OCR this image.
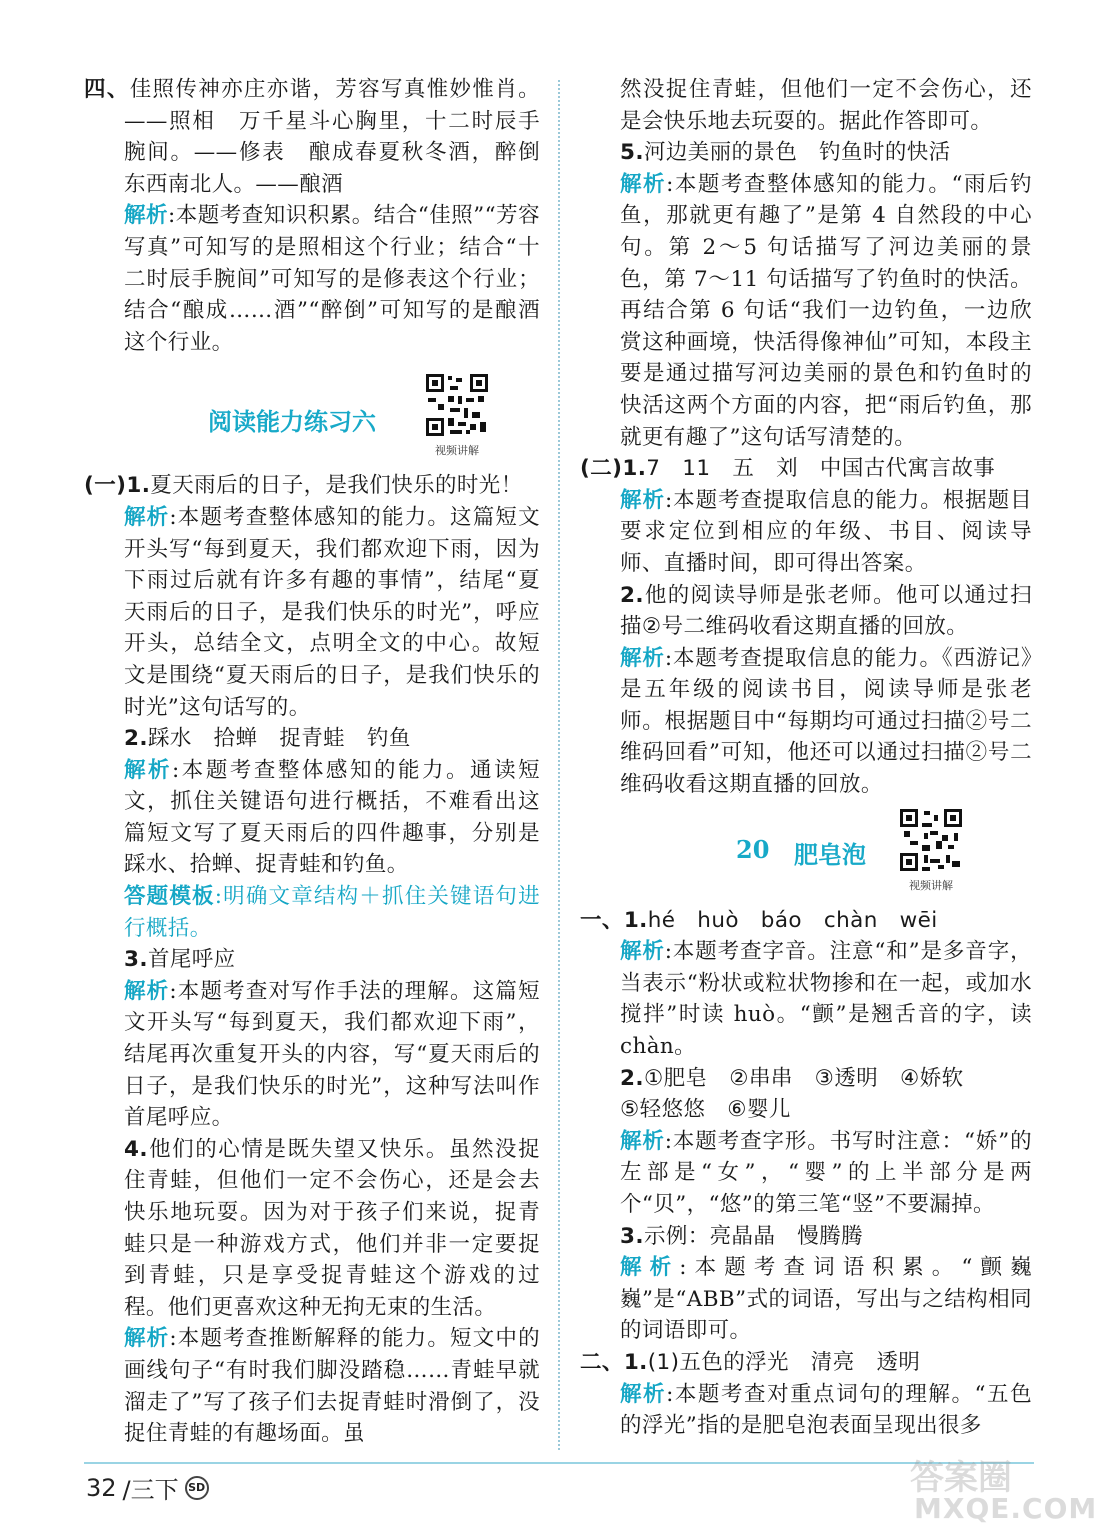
四、佳照传神亦庄亦谐，芳容写真惟妙惟肖。——照相　万千星斗心胸里，十二时辰手腕间。——修表　酿成春夏秋冬酒，醉倒东西南北人。——酿酒

解析:本题考查知识积累。结合“佳照”“芳容写真”可知写的是照相这个行业；结合“十二时辰手腕间”可知写的是修表这个行业；结合“酿成……酒”“醉倒”可知写的是酿酒这个行业。

阅读能力练习六
视频讲解

(一)1.夏天雨后的日子，是我们快乐的时光！

解析:本题考查整体感知的能力。这篇短文开头写“每到夏天，我们都欢迎下雨，因为下雨过后就有许多有趣的事情”，结尾“夏天雨后的日子，是我们快乐的时光”，呼应开头，总结全文，点明全文的中心。故短文是围绕“夏天雨后的日子，是我们快乐的时光”这句话写的。

2.踩水　拾蝉　捉青蛙　钓鱼

解析:本题考查整体感知的能力。通读短文，抓住关键语句进行概括，不难看出这篇短文写了夏天雨后的四件趣事，分别是踩水、拾蝉、捉青蛙和钓鱼。

答题模板:明确文章结构＋抓住关键语句进行概括。

3.首尾呼应

解析:本题考查对写作手法的理解。这篇短文开头写“每到夏天，我们都欢迎下雨”，结尾再次重复开头的内容，写“夏天雨后的日子，是我们快乐的时光”，这种写法叫作首尾呼应。

4.他们的心情是既失望又快乐。虽然没捉住青蛙，但他们一定不会伤心，还是会去快乐地玩耍。因为对于孩子们来说，捉青蛙只是一种游戏方式，他们并非一定要捉到青蛙，只是享受捉青蛙这个游戏的过程。他们更喜欢这种无拘无束的生活。

解析:本题考查推断解释的能力。短文中的画线句子“有时我们脚没踏稳……青蛙早就溜走了”写了孩子们去捉青蛙时滑倒了，没捉住青蛙的有趣场面。虽

然没捉住青蛙，但他们一定不会伤心，还是会快乐地去玩耍的。据此作答即可。

5.河边美丽的景色　钓鱼时的快活

解析:本题考查整体感知的能力。“雨后钓鱼，那就更有趣了”是第 4 自然段的中心句。第 2～5 句话描写了河边美丽的景色，第 7～11 句话描写了钓鱼时的快活。再结合第 6 句话“我们一边钓鱼，一边欣赏这种画境，快活得像神仙”可知，本段主要是通过描写河边美丽的景色和钓鱼时的快活这两个方面的内容，把“雨后钓鱼，那就更有趣了”这句话写清楚的。

(二)1.7　11　五　刘　中国古代寓言故事

解析:本题考查提取信息的能力。根据题目要求定位到相应的年级、书目、阅读导师、直播时间，即可得出答案。

2.他的阅读导师是张老师。他可以通过扫描②号二维码收看这期直播的回放。

解析:本题考查提取信息的能力。《西游记》是五年级的阅读书目，阅读导师是张老师。根据题目中“每期均可通过扫描②号二维码回看”可知，他还可以通过扫描②号二维码收看这期直播的回放。

20 肥皂泡
视频讲解

一、1.hé　huò　báo　chàn　wēi

解析:本题考查字音。注意“和”是多音字，当表示“粉状或粒状物掺和在一起，或加水搅拌”时读 huò。“颤”是翘舌音的字，读 chàn。

2.①肥皂　②串串　③透明　④娇软

⑤轻悠悠　⑥婴儿

解析:本题考查字形。书写时注意：“娇”的左部是“女”，“婴”的上半部分是两个“贝”，“悠”的第三笔“竖”不要漏掉。

3.示例：亮晶晶　慢腾腾

解析:本题考查词语积累。“颤巍巍”是“ABB”式的词语，写出与之结构相同的词语即可。

二、1.(1)五色的浮光　清亮　透明

解析:本题考查对重点词句的理解。“五色的浮光”指的是肥皂泡表面呈现出很多

32 /三下 SD	答案圈
MXQE.COM
